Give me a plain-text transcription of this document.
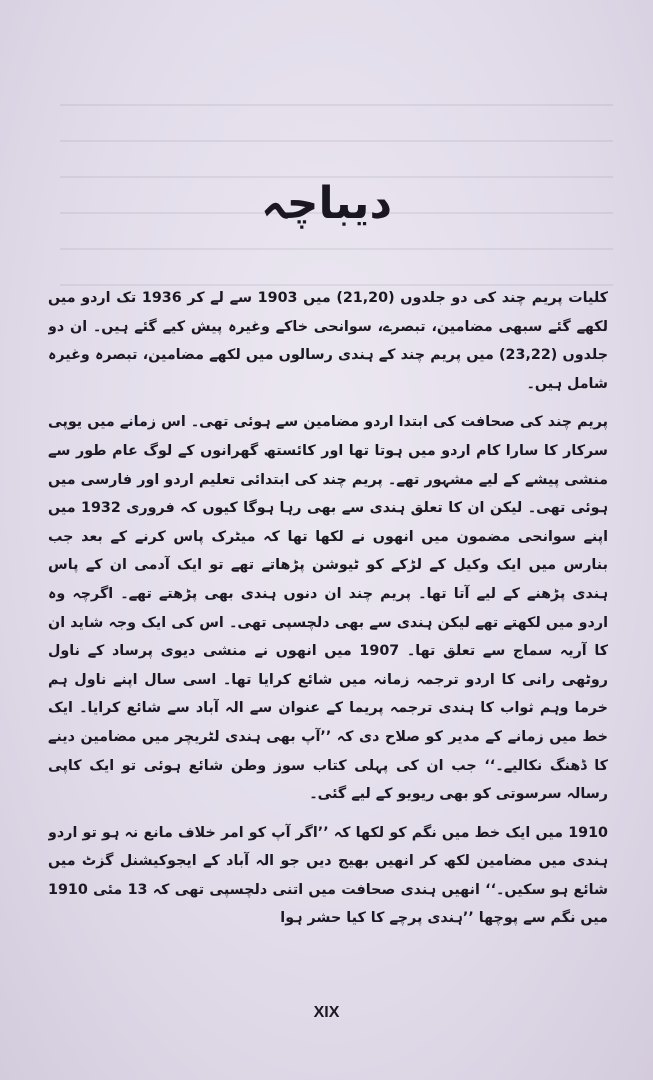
دیباچہ

کلیات پریم چند کی دو جلدوں (21,20) میں 1903 سے لے کر 1936 تک اردو میں لکھے گئے سبھی مضامین، تبصرے، سوانحی خاکے وغیرہ پیش کیے گئے ہیں۔ ان دو جلدوں (23,22) میں پریم چند کے ہندی رسالوں میں لکھے مضامین، تبصرہ وغیرہ شامل ہیں۔

پریم چند کی صحافت کی ابتدا اردو مضامین سے ہوئی تھی۔ اس زمانے میں یوپی سرکار کا سارا کام اردو میں ہوتا تھا اور کائستھ گھرانوں کے لوگ عام طور سے منشی پیشے کے لیے مشہور تھے۔ پریم چند کی ابتدائی تعلیم اردو اور فارسی میں ہوئی تھی۔ لیکن ان کا تعلق ہندی سے بھی رہا ہوگا کیوں کہ فروری 1932 میں اپنے سوانحی مضمون میں انھوں نے لکھا تھا کہ میٹرک پاس کرنے کے بعد جب بنارس میں ایک وکیل کے لڑکے کو ٹیوشن پڑھاتے تھے تو ایک آدمی ان کے پاس ہندی پڑھنے کے لیے آتا تھا۔ پریم چند ان دنوں ہندی بھی پڑھتے تھے۔ اگرچہ وہ اردو میں لکھتے تھے لیکن ہندی سے بھی دلچسپی تھی۔ اس کی ایک وجہ شاید ان کا آریہ سماج سے تعلق تھا۔ 1907 میں انھوں نے منشی دیوی پرساد کے ناول روٹھی رانی کا اردو ترجمہ زمانہ میں شائع کرایا تھا۔ اسی سال اپنے ناول ہم خرما وہم ثواب کا ہندی ترجمہ پریما کے عنوان سے الہ آباد سے شائع کرایا۔ ایک خط میں زمانے کے مدیر کو صلاح دی کہ ’’آپ بھی ہندی لٹریچر میں مضامین دینے کا ڈھنگ نکالیے۔‘‘ جب ان کی پہلی کتاب سوز وطن شائع ہوئی تو ایک کاپی رسالہ سرسوتی کو بھی ریویو کے لیے گئی۔

1910 میں ایک خط میں نگم کو لکھا کہ ’’اگر آپ کو امر خلاف مانع نہ ہو تو اردو ہندی میں مضامین لکھ کر انھیں بھیج دیں جو الہ آباد کے ایجوکیشنل گزٹ میں شائع ہو سکیں۔‘‘ انھیں ہندی صحافت میں اتنی دلچسپی تھی کہ 13 مئی 1910 میں نگم سے پوچھا ’’ہندی پرچے کا کیا حشر ہوا

XIX
